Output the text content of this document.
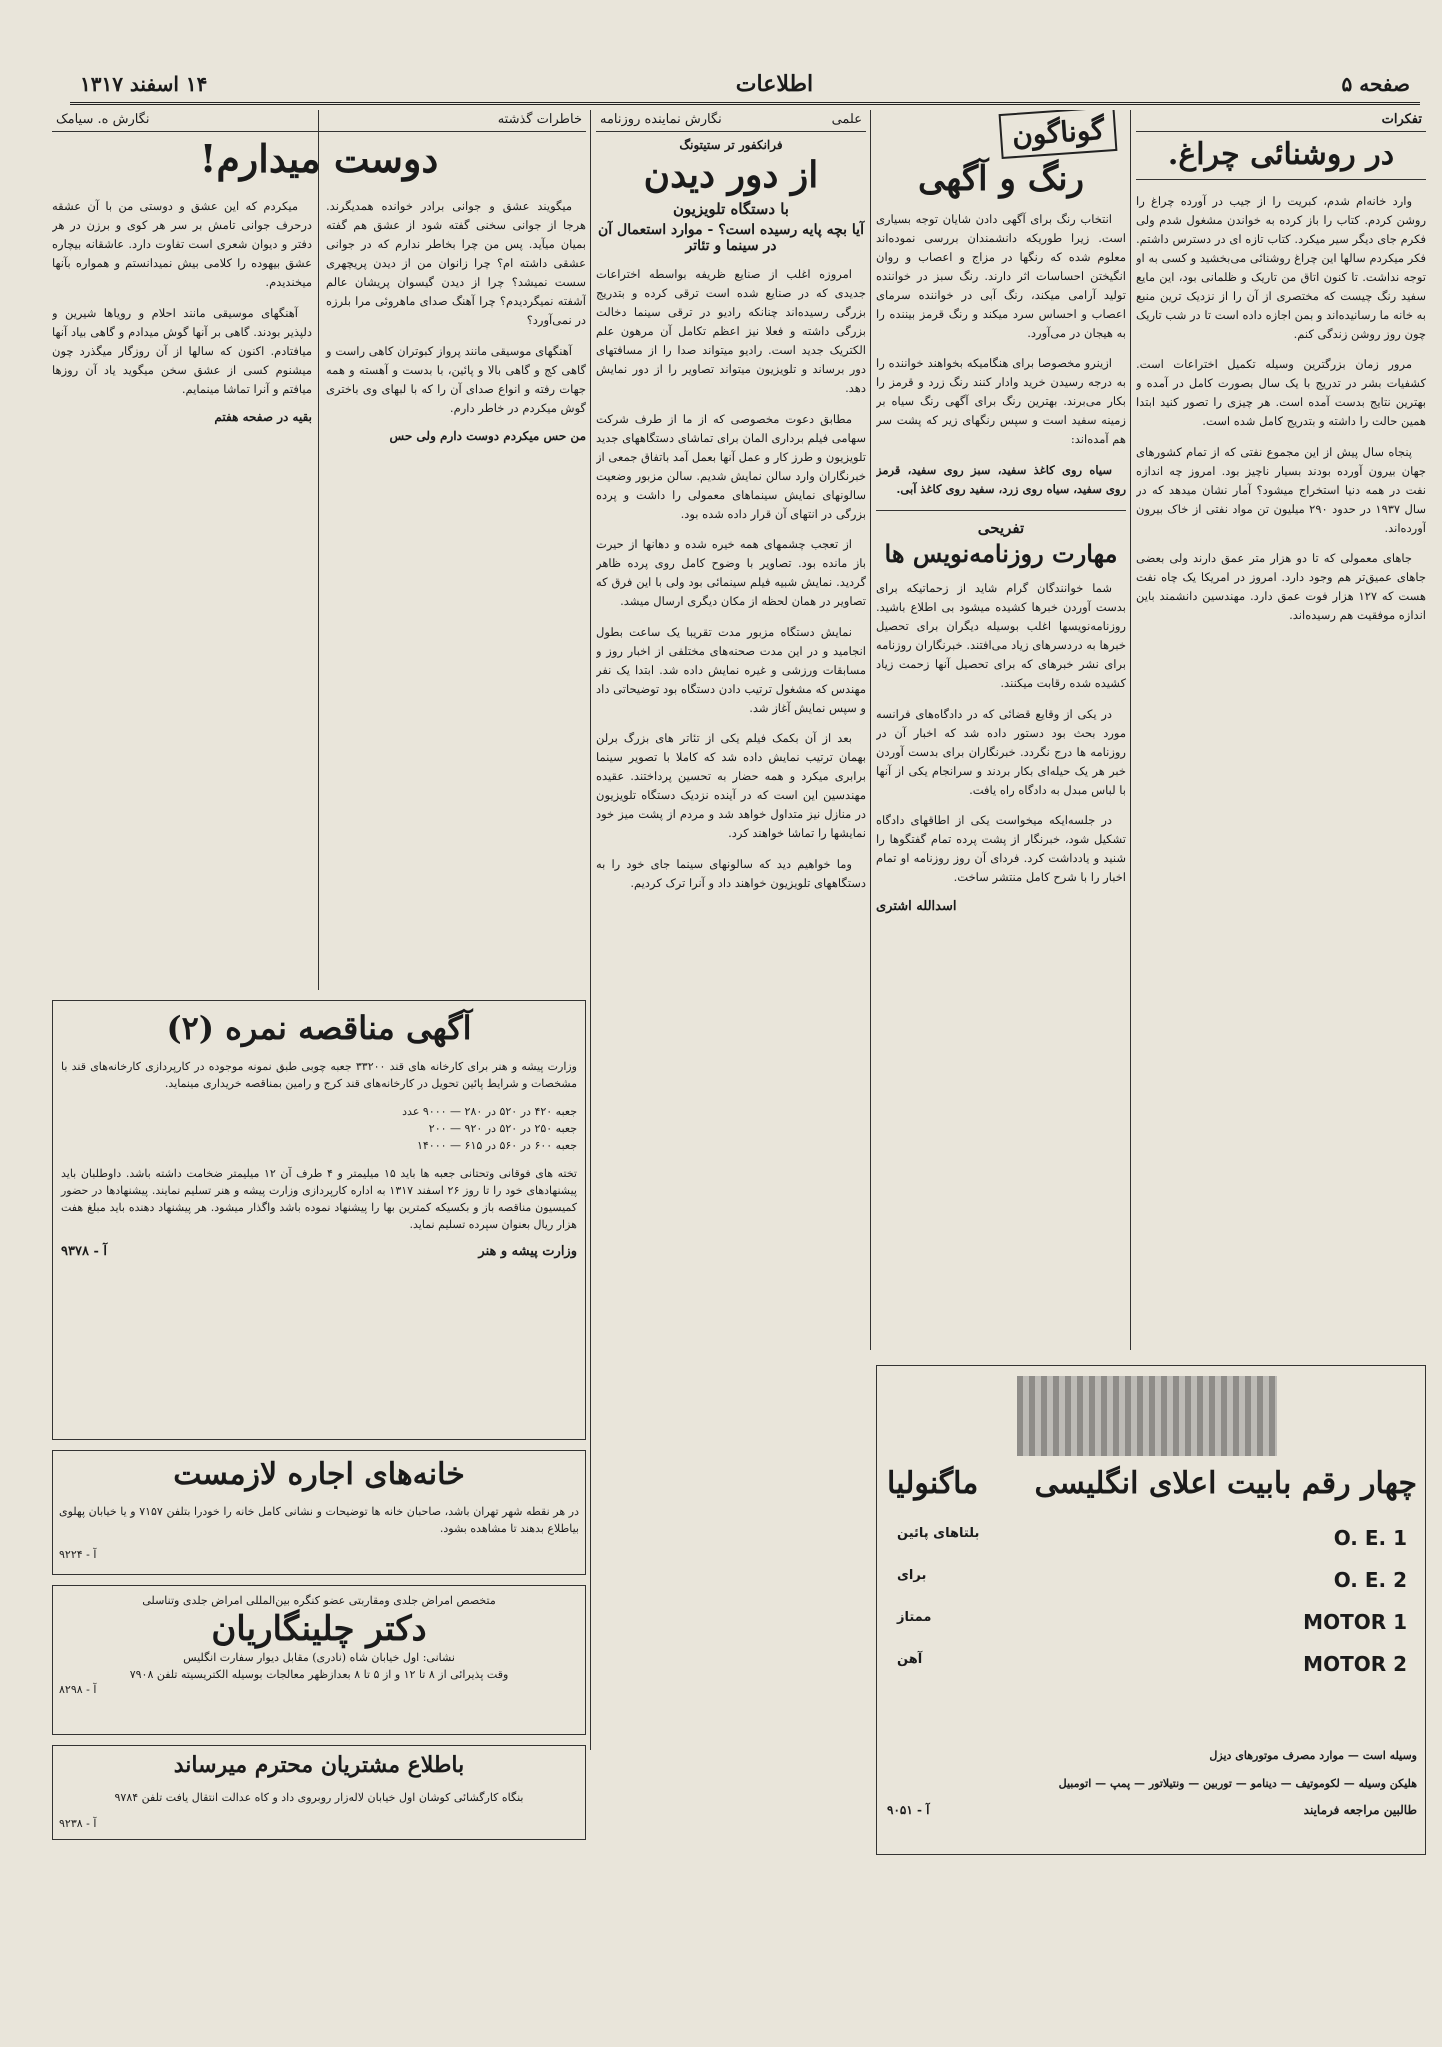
صفحه ۵
اطلاعات
۱۴ اسفند ۱۳۱۷
تفکرات
در روشنائی چراغ.

وارد خانه‌ام شدم، کبریت را از جیب در آورده چراغ را روشن کردم. کتاب را باز کرده به خواندن مشغول شدم ولی فکرم جای دیگر سیر میکرد. کتاب تازه ای در دسترس داشتم. فکر میکردم سالها این چراغ روشنائی می‌بخشید و کسی به او توجه نداشت. تا کنون اتاق من تاریک و ظلمانی بود، این مایع سفید رنگ چیست که مختصری از آن را از نزدیک ترین منبع به خانه ما رسانیده‌اند و بمن اجازه داده است تا در شب تاریک چون روز روشن زندگی کنم.

مرور زمان بزرگترین وسیله تکمیل اختراعات است. کشفیات بشر در تدریج با یک سال بصورت کامل در آمده و بهترین نتایج بدست آمده است. هر چیزی را تصور کنید ابتدا همین حالت را داشته و بتدریج کامل شده است.

پنجاه سال پیش از این مجموع نفتی که از تمام کشورهای جهان بیرون آورده بودند بسیار ناچیز بود. امروز چه اندازه نفت در همه دنیا استخراج میشود؟ آمار نشان میدهد که در سال ۱۹۳۷ در حدود ۲۹۰ میلیون تن مواد نفتی از خاک بیرون آورده‌اند.

جاهای معمولی که تا دو هزار متر عمق دارند ولی بعضی جاهای عمیق‌تر هم وجود دارد. امروز در امریکا یک چاه نفت هست که ۱۲۷ هزار فوت عمق دارد. مهندسین دانشمند باین اندازه موفقیت هم رسیده‌اند.

گوناگون
رنگ و آگهی

انتخاب رنگ برای آگهی دادن شایان توجه بسیاری است. زیرا طوریکه دانشمندان بررسی نموده‌اند معلوم شده که رنگها در مزاج و اعصاب و روان انگیختن احساسات اثر دارند. رنگ سبز در خواننده تولید آرامی میکند، رنگ آبی در خواننده سرمای اعصاب و احساس سرد میکند و رنگ قرمز بیننده را به هیجان در می‌آورد.

ازینرو مخصوصا برای هنگامیکه بخواهند خواننده را به درجه رسیدن خرید وادار کنند رنگ زرد و قرمز را بکار می‌برند. بهترین رنگ برای آگهی رنگ سیاه بر زمینه سفید است و سپس رنگهای زیر که پشت سر هم آمده‌اند:

سیاه روی کاغذ سفید، سبز روی سفید، قرمز روی سفید، سیاه روی زرد، سفید روی کاغذ آبی.

تفریحی
مهارت روزنامه‌نویس ها

شما خوانندگان گرام شاید از زحماتیکه برای بدست آوردن خبرها کشیده میشود بی اطلاع باشید. روزنامه‌نویسها اغلب بوسیله دیگران برای تحصیل خبرها به دردسرهای زیاد می‌افتند. خبرنگاران روزنامه برای نشر خبرهای که برای تحصیل آنها زحمت زیاد کشیده شده رقابت میکنند.

در یکی از وقایع قضائی که در دادگاه‌های فرانسه مورد بحث بود دستور داده شد که اخبار آن در روزنامه ها درج نگردد. خبرنگاران برای بدست آوردن خبر هر یک حیله‌ای بکار بردند و سرانجام یکی از آنها با لباس مبدل به دادگاه راه یافت.

در جلسه‌ایکه میخواست یکی از اطاقهای دادگاه تشکیل شود، خبرنگار از پشت پرده تمام گفتگوها را شنید و یادداشت کرد. فردای آن روز روزنامه او تمام اخبار را با شرح کامل منتشر ساخت.

اسدالله اشتری
علمی
نگارش نماینده روزنامه
فرانکفور تر ستیتونگ
از دور دیدن
با دستگاه تلویزیون
آیا بچه پایه رسیده است؟ - موارد استعمال آن در سینما و تئاتر

امروزه اغلب از صنایع ظریفه بواسطه اختراعات جدیدی که در صنایع شده است ترقی کرده و بتدریج بزرگی رسیده‌اند چنانکه رادیو در ترقی سینما دخالت بزرگی داشته و فعلا نیز اعظم تکامل آن مرهون علم الکتریک جدید است. رادیو میتواند صدا را از مسافتهای دور برساند و تلویزیون میتواند تصاویر را از دور نمایش دهد.

مطابق دعوت مخصوصی که از ما از طرف شرکت سهامی فیلم برداری المان برای تماشای دستگاههای جدید تلویزیون و طرز کار و عمل آنها بعمل آمد باتفاق جمعی از خبرنگاران وارد سالن نمایش شدیم. سالن مزبور وضعیت سالونهای نمایش سینماهای معمولی را داشت و پرده بزرگی در انتهای آن قرار داده شده بود.

از تعجب چشمهای همه خیره شده و دهانها از حیرت باز مانده بود. تصاویر با وضوح کامل روی پرده ظاهر گردید. نمایش شبیه فیلم سینمائی بود ولی با این فرق که تصاویر در همان لحظه از مکان دیگری ارسال میشد.

نمایش دستگاه مزبور مدت تقریبا یک ساعت بطول انجامید و در این مدت صحنه‌های مختلفی از اخبار روز و مسابقات ورزشی و غیره نمایش داده شد. ابتدا یک نفر مهندس که مشغول ترتیب دادن دستگاه بود توضیحاتی داد و سپس نمایش آغاز شد.

بعد از آن بکمک فیلم یکی از تئاتر های بزرگ برلن بهمان ترتیب نمایش داده شد که کاملا با تصویر سینما برابری میکرد و همه حضار به تحسین پرداختند. عقیده مهندسین این است که در آینده نزدیک دستگاه تلویزیون در منازل نیز متداول خواهد شد و مردم از پشت میز خود نمایشها را تماشا خواهند کرد.

وما خواهیم دید که سالونهای سینما جای خود را به دستگاههای تلویزیون خواهند داد و آنرا ترک کردیم.

خاطرات گذشته
نگارش ه. سیامک
دوست میدارم!

میگویند عشق و جوانی برادر خوانده همدیگرند. هرجا از جوانی سخنی گفته شود از عشق هم گفته بمیان میآید. پس من چرا بخاطر ندارم که در جوانی عشقی داشته ام؟ چرا زانوان من از دیدن پریچهری سست نمیشد؟ چرا از دیدن گیسوان پریشان عالم آشفته نمیگردیدم؟ چرا آهنگ صدای ماهروئی مرا بلرزه در نمی‌آورد؟

آهنگهای موسیقی مانند پرواز کبوتران کاهی راست و گاهی کج و گاهی بالا و پائین، با بدست و آهسته و همه جهات رفته و انواع صدای آن را که با لبهای وی باختری گوش میکردم در خاطر دارم.

من حس میکردم دوست دارم ولی حس

میکردم که این عشق و دوستی من با آن عشقه درحرف جوانی تامش بر سر هر کوی و برزن در هر دفتر و دیوان شعری است تفاوت دارد. عاشقانه بیچاره عشق بیهوده را کلامی بیش نمیدانستم و همواره بآنها میخندیدم.

آهنگهای موسیقی مانند احلام و رویاها شیرین و دلپذیر بودند. گاهی بر آنها گوش میدادم و گاهی بیاد آنها میافتادم. اکنون که سالها از آن روزگار میگذرد چون میشنوم کسی از عشق سخن میگوید یاد آن روزها میافتم و آنرا تماشا مینمایم.

بقیه در صفحه هفتم
آگهی مناقصه نمره (۲)

وزارت پیشه و هنر برای کارخانه های قند ۳۳۲۰۰ جعبه چوبی طبق نمونه موجوده در کارپردازی کارخانه‌های قند با مشخصات و شرایط پائین تحویل در کارخانه‌های قند کرج و رامین بمناقصه خریداری مینماید.

جعبه ۴۲۰ در ۵۲۰ در ۲۸۰ — ۹۰۰۰ عدد
جعبه ۲۵۰ در ۵۲۰ در ۹۲۰ — ۲۰۰
جعبه ۶۰۰ در ۵۶۰ در ۶۱۵ — ۱۴۰۰۰

تخته های فوقانی وتحتانی جعبه ها باید ۱۵ میلیمتر و ۴ طرف آن ۱۲ میلیمتر ضخامت داشته باشد. داوطلبان باید پیشنهادهای خود را تا روز ۲۶ اسفند ۱۳۱۷ به اداره کارپردازی وزارت پیشه و هنر تسلیم نمایند. پیشنهادها در حضور کمیسیون مناقصه باز و بکسیکه کمترین بها را پیشنهاد نموده باشد واگذار میشود. هر پیشنهاد دهنده باید مبلغ هفت هزار ریال بعنوان سپرده تسلیم نماید.

وزارت پیشه و هنر
آ - ۹۳۷۸
خانه‌های اجاره لازمست

در هر نقطه شهر تهران باشد، صاحبان خانه ها توضیحات و نشانی کامل خانه را خودرا بتلفن ۷۱۵۷ و یا خیابان پهلوی بیاطلاع بدهند تا مشاهده بشود.

آ - ۹۲۲۴
متخصص امراض جلدی ومقاربتی عضو کنگره بین‌المللی امراض جلدی وتناسلی
دکتر چلینگاریان
نشانی: اول خیابان شاه (نادری) مقابل دیوار سفارت انگلیس
وقت پذیرائی از ۸ تا ۱۲ و از ۵ تا ۸ بعدازظهر معالجات بوسیله الکتریسیته تلفن ۷۹۰۸
آ - ۸۲۹۸
باطلاع مشتریان محترم میرساند

بنگاه کارگشائی کوشان اول خیابان لاله‌زار روبروی داد و کاه عدالت انتقال یافت تلفن ۹۷۸۴

آ - ۹۲۳۸
چهار رقم بابیت اعلای انگلیسی
ماگنولیا
بلتاهای پائین	O. E. 1
برای	O. E. 2
ممتاز	MOTOR 1
آهن	MOTOR 2

وسیله است — موارد مصرف موتورهای دیزل

هلیکن وسیله — لکوموتیف — دینامو — توربین — ونتیلاتور — پمپ — اتومبیل

طالبین مراجعه فرمایند
آ - ۹۰۵۱
